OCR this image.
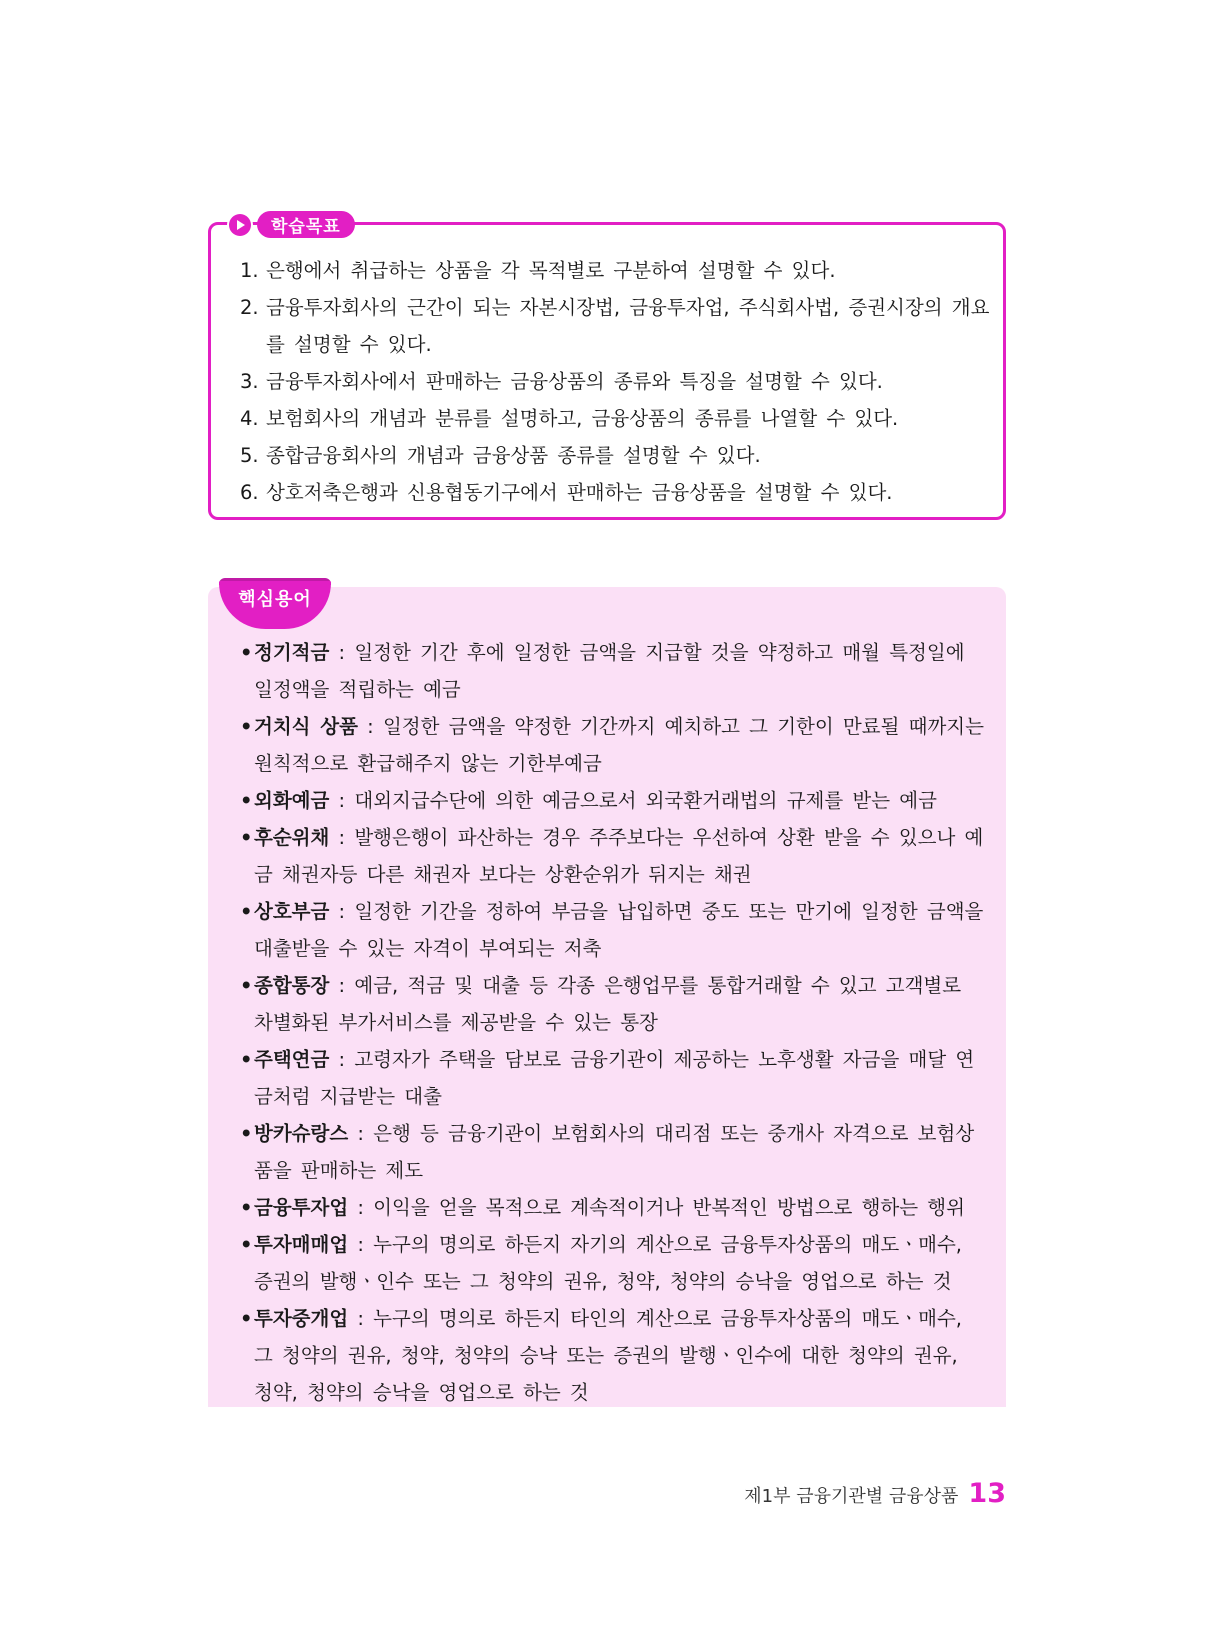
학습목표
1. 은행에서 취급하는 상품을 각 목적별로 구분하여 설명할 수 있다.
2. 금융투자회사의 근간이 되는 자본시장법, 금융투자업, 주식회사법, 증권시장의 개요를 설명할 수 있다.
3. 금융투자회사에서 판매하는 금융상품의 종류와 특징을 설명할 수 있다.
4. 보험회사의 개념과 분류를 설명하고, 금융상품의 종류를 나열할 수 있다.
5. 종합금융회사의 개념과 금융상품 종류를 설명할 수 있다.
6. 상호저축은행과 신용협동기구에서 판매하는 금융상품을 설명할 수 있다.
핵심용어
• 정기적금 : 일정한 기간 후에 일정한 금액을 지급할 것을 약정하고 매월 특정일에 일정액을 적립하는 예금
• 거치식 상품 : 일정한 금액을 약정한 기간까지 예치하고 그 기한이 만료될 때까지는 원칙적으로 환급해주지 않는 기한부예금
• 외화예금 : 대외지급수단에 의한 예금으로서 외국환거래법의 규제를 받는 예금
• 후순위채 : 발행은행이 파산하는 경우 주주보다는 우선하여 상환 받을 수 있으나 예금 채권자등 다른 채권자 보다는 상환순위가 뒤지는 채권
• 상호부금 : 일정한 기간을 정하여 부금을 납입하면 중도 또는 만기에 일정한 금액을 대출받을 수 있는 자격이 부여되는 저축
• 종합통장 : 예금, 적금 및 대출 등 각종 은행업무를 통합거래할 수 있고 고객별로 차별화된 부가서비스를 제공받을 수 있는 통장
• 주택연금 : 고령자가 주택을 담보로 금융기관이 제공하는 노후생활 자금을 매달 연금처럼 지급받는 대출
• 방카슈랑스 : 은행 등 금융기관이 보험회사의 대리점 또는 중개사 자격으로 보험상품을 판매하는 제도
• 금융투자업 : 이익을 얻을 목적으로 계속적이거나 반복적인 방법으로 행하는 행위
• 투자매매업 : 누구의 명의로 하든지 자기의 계산으로 금융투자상품의 매도ㆍ매수, 증권의 발행ㆍ인수 또는 그 청약의 권유, 청약, 청약의 승낙을 영업으로 하는 것
• 투자중개업 : 누구의 명의로 하든지 타인의 계산으로 금융투자상품의 매도ㆍ매수, 그 청약의 권유, 청약, 청약의 승낙 또는 증권의 발행ㆍ인수에 대한 청약의 권유, 청약, 청약의 승낙을 영업으로 하는 것
제1부 금융기관별 금융상품 13
